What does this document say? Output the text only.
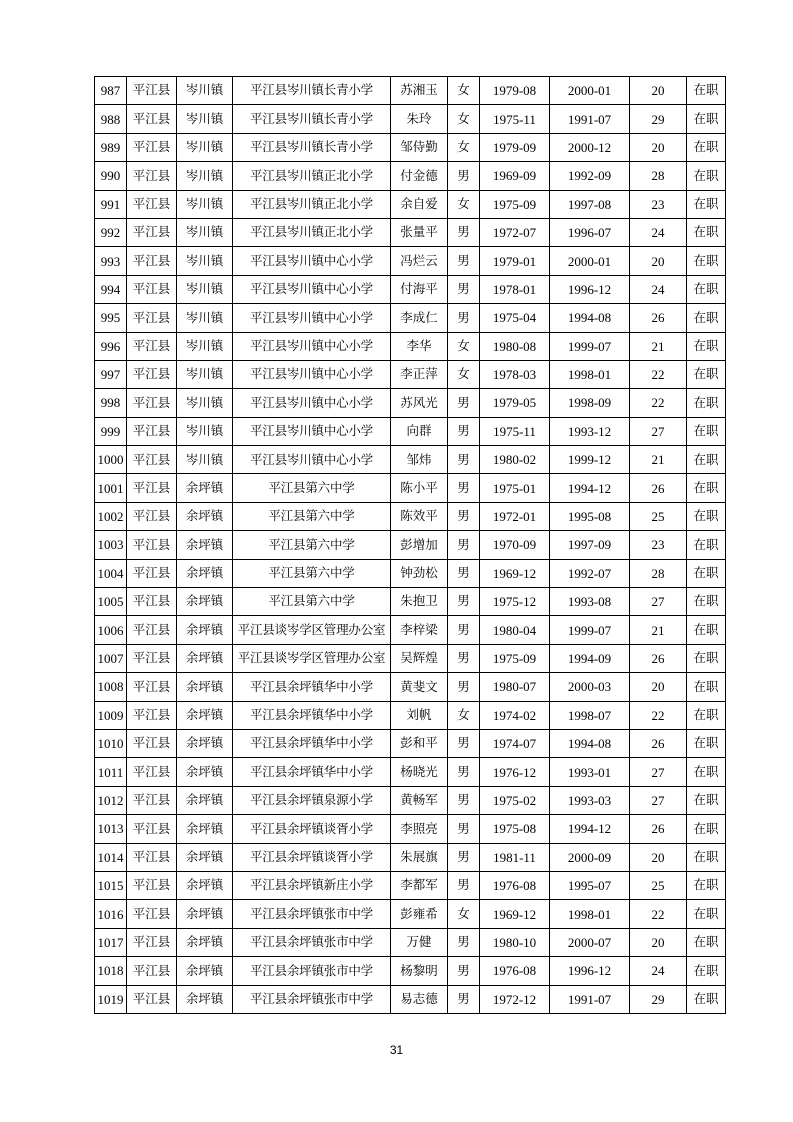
987	平江县	岑川镇	平江县岑川镇长青小学	苏湘玉	女	1979-08	2000-01	20	在职
988	平江县	岑川镇	平江县岑川镇长青小学	朱玲	女	1975-11	1991-07	29	在职
989	平江县	岑川镇	平江县岑川镇长青小学	邹侍勤	女	1979-09	2000-12	20	在职
990	平江县	岑川镇	平江县岑川镇正北小学	付金德	男	1969-09	1992-09	28	在职
991	平江县	岑川镇	平江县岑川镇正北小学	余自爱	女	1975-09	1997-08	23	在职
992	平江县	岑川镇	平江县岑川镇正北小学	张量平	男	1972-07	1996-07	24	在职
993	平江县	岑川镇	平江县岑川镇中心小学	冯烂云	男	1979-01	2000-01	20	在职
994	平江县	岑川镇	平江县岑川镇中心小学	付海平	男	1978-01	1996-12	24	在职
995	平江县	岑川镇	平江县岑川镇中心小学	李成仁	男	1975-04	1994-08	26	在职
996	平江县	岑川镇	平江县岑川镇中心小学	李华	女	1980-08	1999-07	21	在职
997	平江县	岑川镇	平江县岑川镇中心小学	李正萍	女	1978-03	1998-01	22	在职
998	平江县	岑川镇	平江县岑川镇中心小学	苏风光	男	1979-05	1998-09	22	在职
999	平江县	岑川镇	平江县岑川镇中心小学	向群	男	1975-11	1993-12	27	在职
1000	平江县	岑川镇	平江县岑川镇中心小学	邹炜	男	1980-02	1999-12	21	在职
1001	平江县	余坪镇	平江县第六中学	陈小平	男	1975-01	1994-12	26	在职
1002	平江县	余坪镇	平江县第六中学	陈效平	男	1972-01	1995-08	25	在职
1003	平江县	余坪镇	平江县第六中学	彭增加	男	1970-09	1997-09	23	在职
1004	平江县	余坪镇	平江县第六中学	钟劲松	男	1969-12	1992-07	28	在职
1005	平江县	余坪镇	平江县第六中学	朱抱卫	男	1975-12	1993-08	27	在职
1006	平江县	余坪镇	平江县谈岑学区管理办公室	李梓梁	男	1980-04	1999-07	21	在职
1007	平江县	余坪镇	平江县谈岑学区管理办公室	吴辉煌	男	1975-09	1994-09	26	在职
1008	平江县	余坪镇	平江县余坪镇华中小学	黄斐文	男	1980-07	2000-03	20	在职
1009	平江县	余坪镇	平江县余坪镇华中小学	刘帆	女	1974-02	1998-07	22	在职
1010	平江县	余坪镇	平江县余坪镇华中小学	彭和平	男	1974-07	1994-08	26	在职
1011	平江县	余坪镇	平江县余坪镇华中小学	杨晓光	男	1976-12	1993-01	27	在职
1012	平江县	余坪镇	平江县余坪镇泉源小学	黄畅军	男	1975-02	1993-03	27	在职
1013	平江县	余坪镇	平江县余坪镇谈胥小学	李照亮	男	1975-08	1994-12	26	在职
1014	平江县	余坪镇	平江县余坪镇谈胥小学	朱展旗	男	1981-11	2000-09	20	在职
1015	平江县	余坪镇	平江县余坪镇新庄小学	李都军	男	1976-08	1995-07	25	在职
1016	平江县	余坪镇	平江县余坪镇张市中学	彭雍希	女	1969-12	1998-01	22	在职
1017	平江县	余坪镇	平江县余坪镇张市中学	万健	男	1980-10	2000-07	20	在职
1018	平江县	余坪镇	平江县余坪镇张市中学	杨黎明	男	1976-08	1996-12	24	在职
1019	平江县	余坪镇	平江县余坪镇张市中学	易志德	男	1972-12	1991-07	29	在职
31
